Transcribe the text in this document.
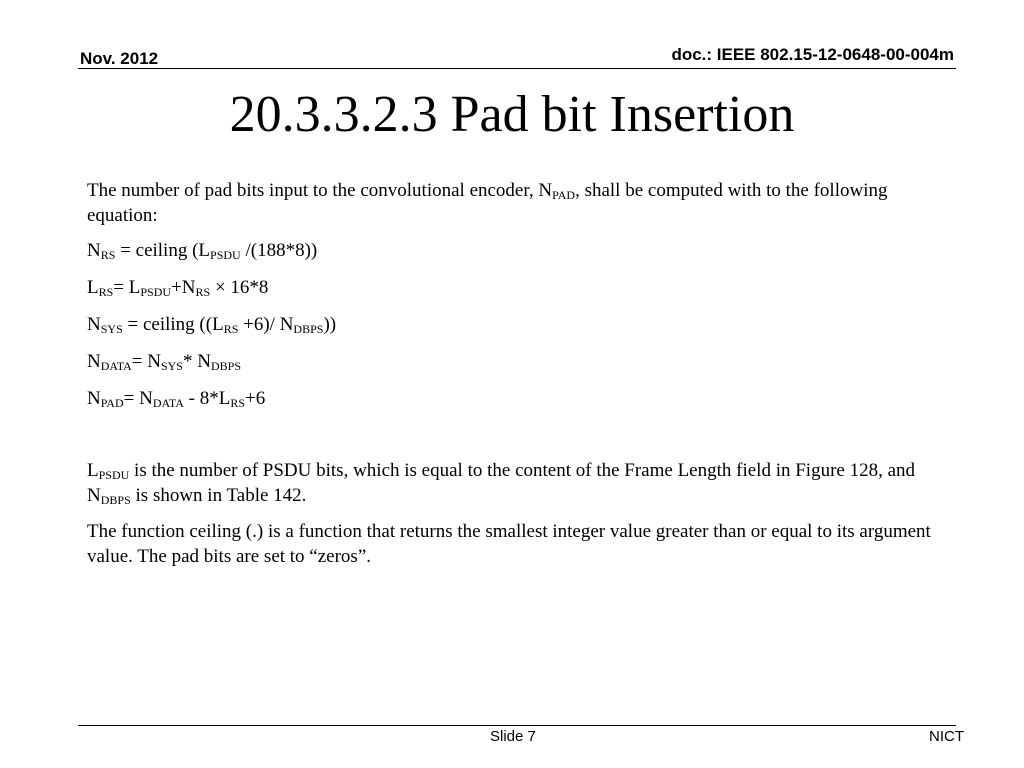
Nov. 2012	doc.: IEEE 802.15-12-0648-00-004m
20.3.3.2.3 Pad bit Insertion

The number of pad bits input to the convolutional encoder, $N_{PAD}$, shall be computed with to the following equation:

$N_{RS}$ = ceiling ($L_{PSDU}$ /(188*8))

$L_{RS}= L_{PSDU}+N_{RS} \times 16*8$

$N_{SYS}$ = ceiling ($(L_{RS} +6)/$ $N_{DBPS}$))

$N_{DATA}= N_{SYS}*$ $N_{DBPS}$

$N_{PAD}= N_{DATA} - 8*L_{RS}+6$

$L_{PSDU}$ is the number of PSDU bits, which is equal to the content of the Frame Length field in Figure 128, and $N_{DBPS}$ is shown in Table 142.

The function ceiling (.) is a function that returns the smallest integer value greater than or equal to its argument value. The pad bits are set to “zeros”.

Slide 7	NICT
